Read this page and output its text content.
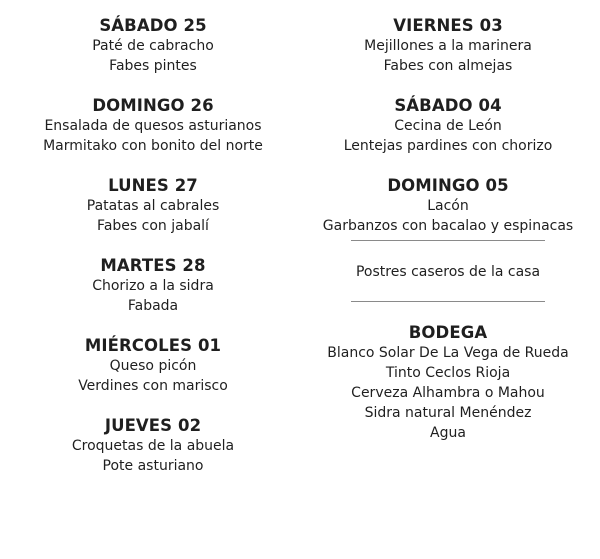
SÁBADO 25
Paté de cabracho
Fabes pintes
DOMINGO 26
Ensalada de quesos asturianos
Marmitako con bonito del norte
LUNES 27
Patatas al cabrales
Fabes con jabalí
MARTES 28
Chorizo a la sidra
Fabada
MIÉRCOLES 01
Queso picón
Verdines con marisco
JUEVES 02
Croquetas de la abuela
Pote asturiano
VIERNES 03
Mejillones a la marinera
Fabes con almejas
SÁBADO 04
Cecina de León
Lentejas pardines con chorizo
DOMINGO 05
Lacón
Garbanzos con bacalao y espinacas
Postres caseros de la casa
BODEGA
Blanco Solar De La Vega de Rueda
Tinto Ceclos Rioja
Cerveza Alhambra o Mahou
Sidra natural Menéndez
Agua
